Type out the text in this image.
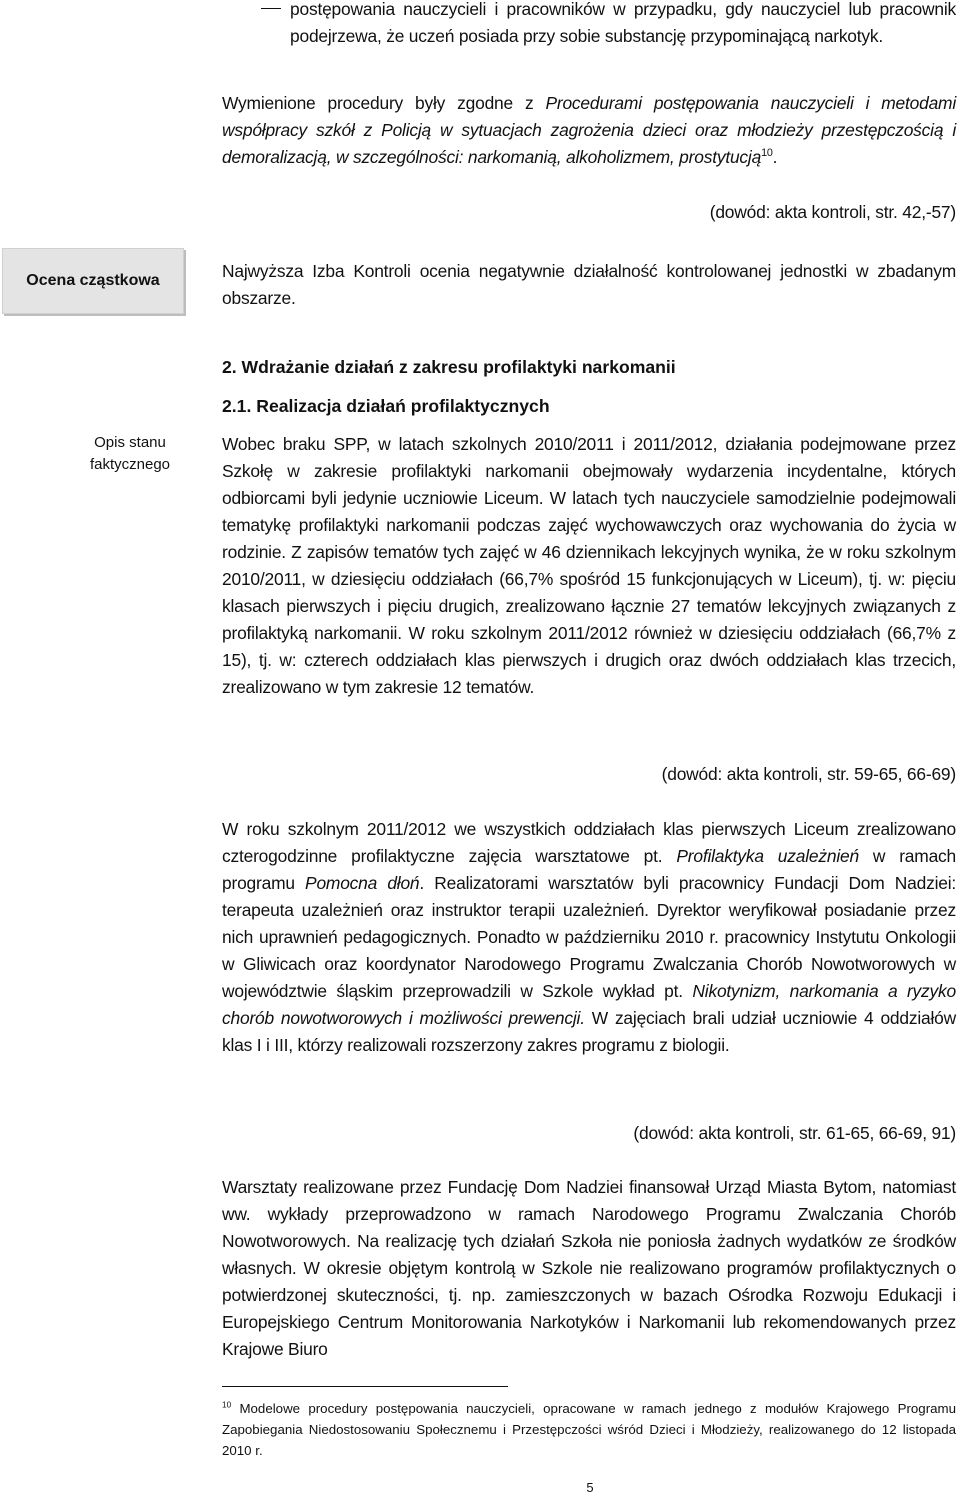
postępowania nauczycieli i pracowników w przypadku, gdy nauczyciel lub pracownik podejrzewa, że uczeń posiada przy sobie substancję przypominającą narkotyk.
Wymienione procedury były zgodne z Procedurami postępowania nauczycieli i metodami współpracy szkół z Policją w sytuacjach zagrożenia dzieci oraz młodzieży przestępczością i demoralizacją, w szczególności: narkomanią, alkoholizmem, prostytucją$^{10}$.
(dowód: akta kontroli, str. 42,-57)
Ocena cząstkowa	Najwyższa Izba Kontroli ocenia negatywnie działalność kontrolowanej jednostki w zbadanym obszarze.
2. Wdrażanie działań z zakresu profilaktyki narkomanii
2.1. Realizacja działań profilaktycznych
Opis stanu faktycznego
Wobec braku SPP, w latach szkolnych 2010/2011 i 2011/2012, działania podejmowane przez Szkołę w zakresie profilaktyki narkomanii obejmowały wydarzenia incydentalne, których odbiorcami byli jedynie uczniowie Liceum. W latach tych nauczyciele samodzielnie podejmowali tematykę profilaktyki narkomanii podczas zajęć wychowawczych oraz wychowania do życia w rodzinie. Z zapisów tematów tych zajęć w 46 dziennikach lekcyjnych wynika, że w roku szkolnym 2010/2011, w dziesięciu oddziałach (66,7% spośród 15 funkcjonujących w Liceum), tj. w: pięciu klasach pierwszych i pięciu drugich, zrealizowano łącznie 27 tematów lekcyjnych związanych z profilaktyką narkomanii. W roku szkolnym 2011/2012 również w dziesięciu oddziałach (66,7% z 15), tj. w: czterech oddziałach klas pierwszych i drugich oraz dwóch oddziałach klas trzecich, zrealizowano w tym zakresie 12 tematów.
(dowód: akta kontroli, str. 59-65, 66-69)
W roku szkolnym 2011/2012 we wszystkich oddziałach klas pierwszych Liceum zrealizowano czterogodzinne profilaktyczne zajęcia warsztatowe pt. Profilaktyka uzależnień w ramach programu Pomocna dłoń. Realizatorami warsztatów byli pracownicy Fundacji Dom Nadziei: terapeuta uzależnień oraz instruktor terapii uzależnień. Dyrektor weryfikował posiadanie przez nich uprawnień pedagogicznych. Ponadto w październiku 2010 r. pracownicy Instytutu Onkologii w Gliwicach oraz koordynator Narodowego Programu Zwalczania Chorób Nowotworowych w województwie śląskim przeprowadzili w Szkole wykład pt. Nikotynizm, narkomania a ryzyko chorób nowotworowych i możliwości prewencji. W zajęciach brali udział uczniowie 4 oddziałów klas I i III, którzy realizowali rozszerzony zakres programu z biologii.
(dowód: akta kontroli, str. 61-65, 66-69, 91)
Warsztaty realizowane przez Fundację Dom Nadziei finansował Urząd Miasta Bytom, natomiast ww. wykłady przeprowadzono w ramach Narodowego Programu Zwalczania Chorób Nowotworowych. Na realizację tych działań Szkoła nie poniosła żadnych wydatków ze środków własnych. W okresie objętym kontrolą w Szkole nie realizowano programów profilaktycznych o potwierdzonej skuteczności, tj. np. zamieszczonych w bazach Ośrodka Rozwoju Edukacji i Europejskiego Centrum Monitorowania Narkotyków i Narkomanii lub rekomendowanych przez Krajowe Biuro
$^{10}$ Modelowe procedury postępowania nauczycieli, opracowane w ramach jednego z modułów Krajowego Programu Zapobiegania Niedostosowaniu Społecznemu i Przestępczości wśród Dzieci i Młodzieży, realizowanego do 12 listopada 2010 r.
5
